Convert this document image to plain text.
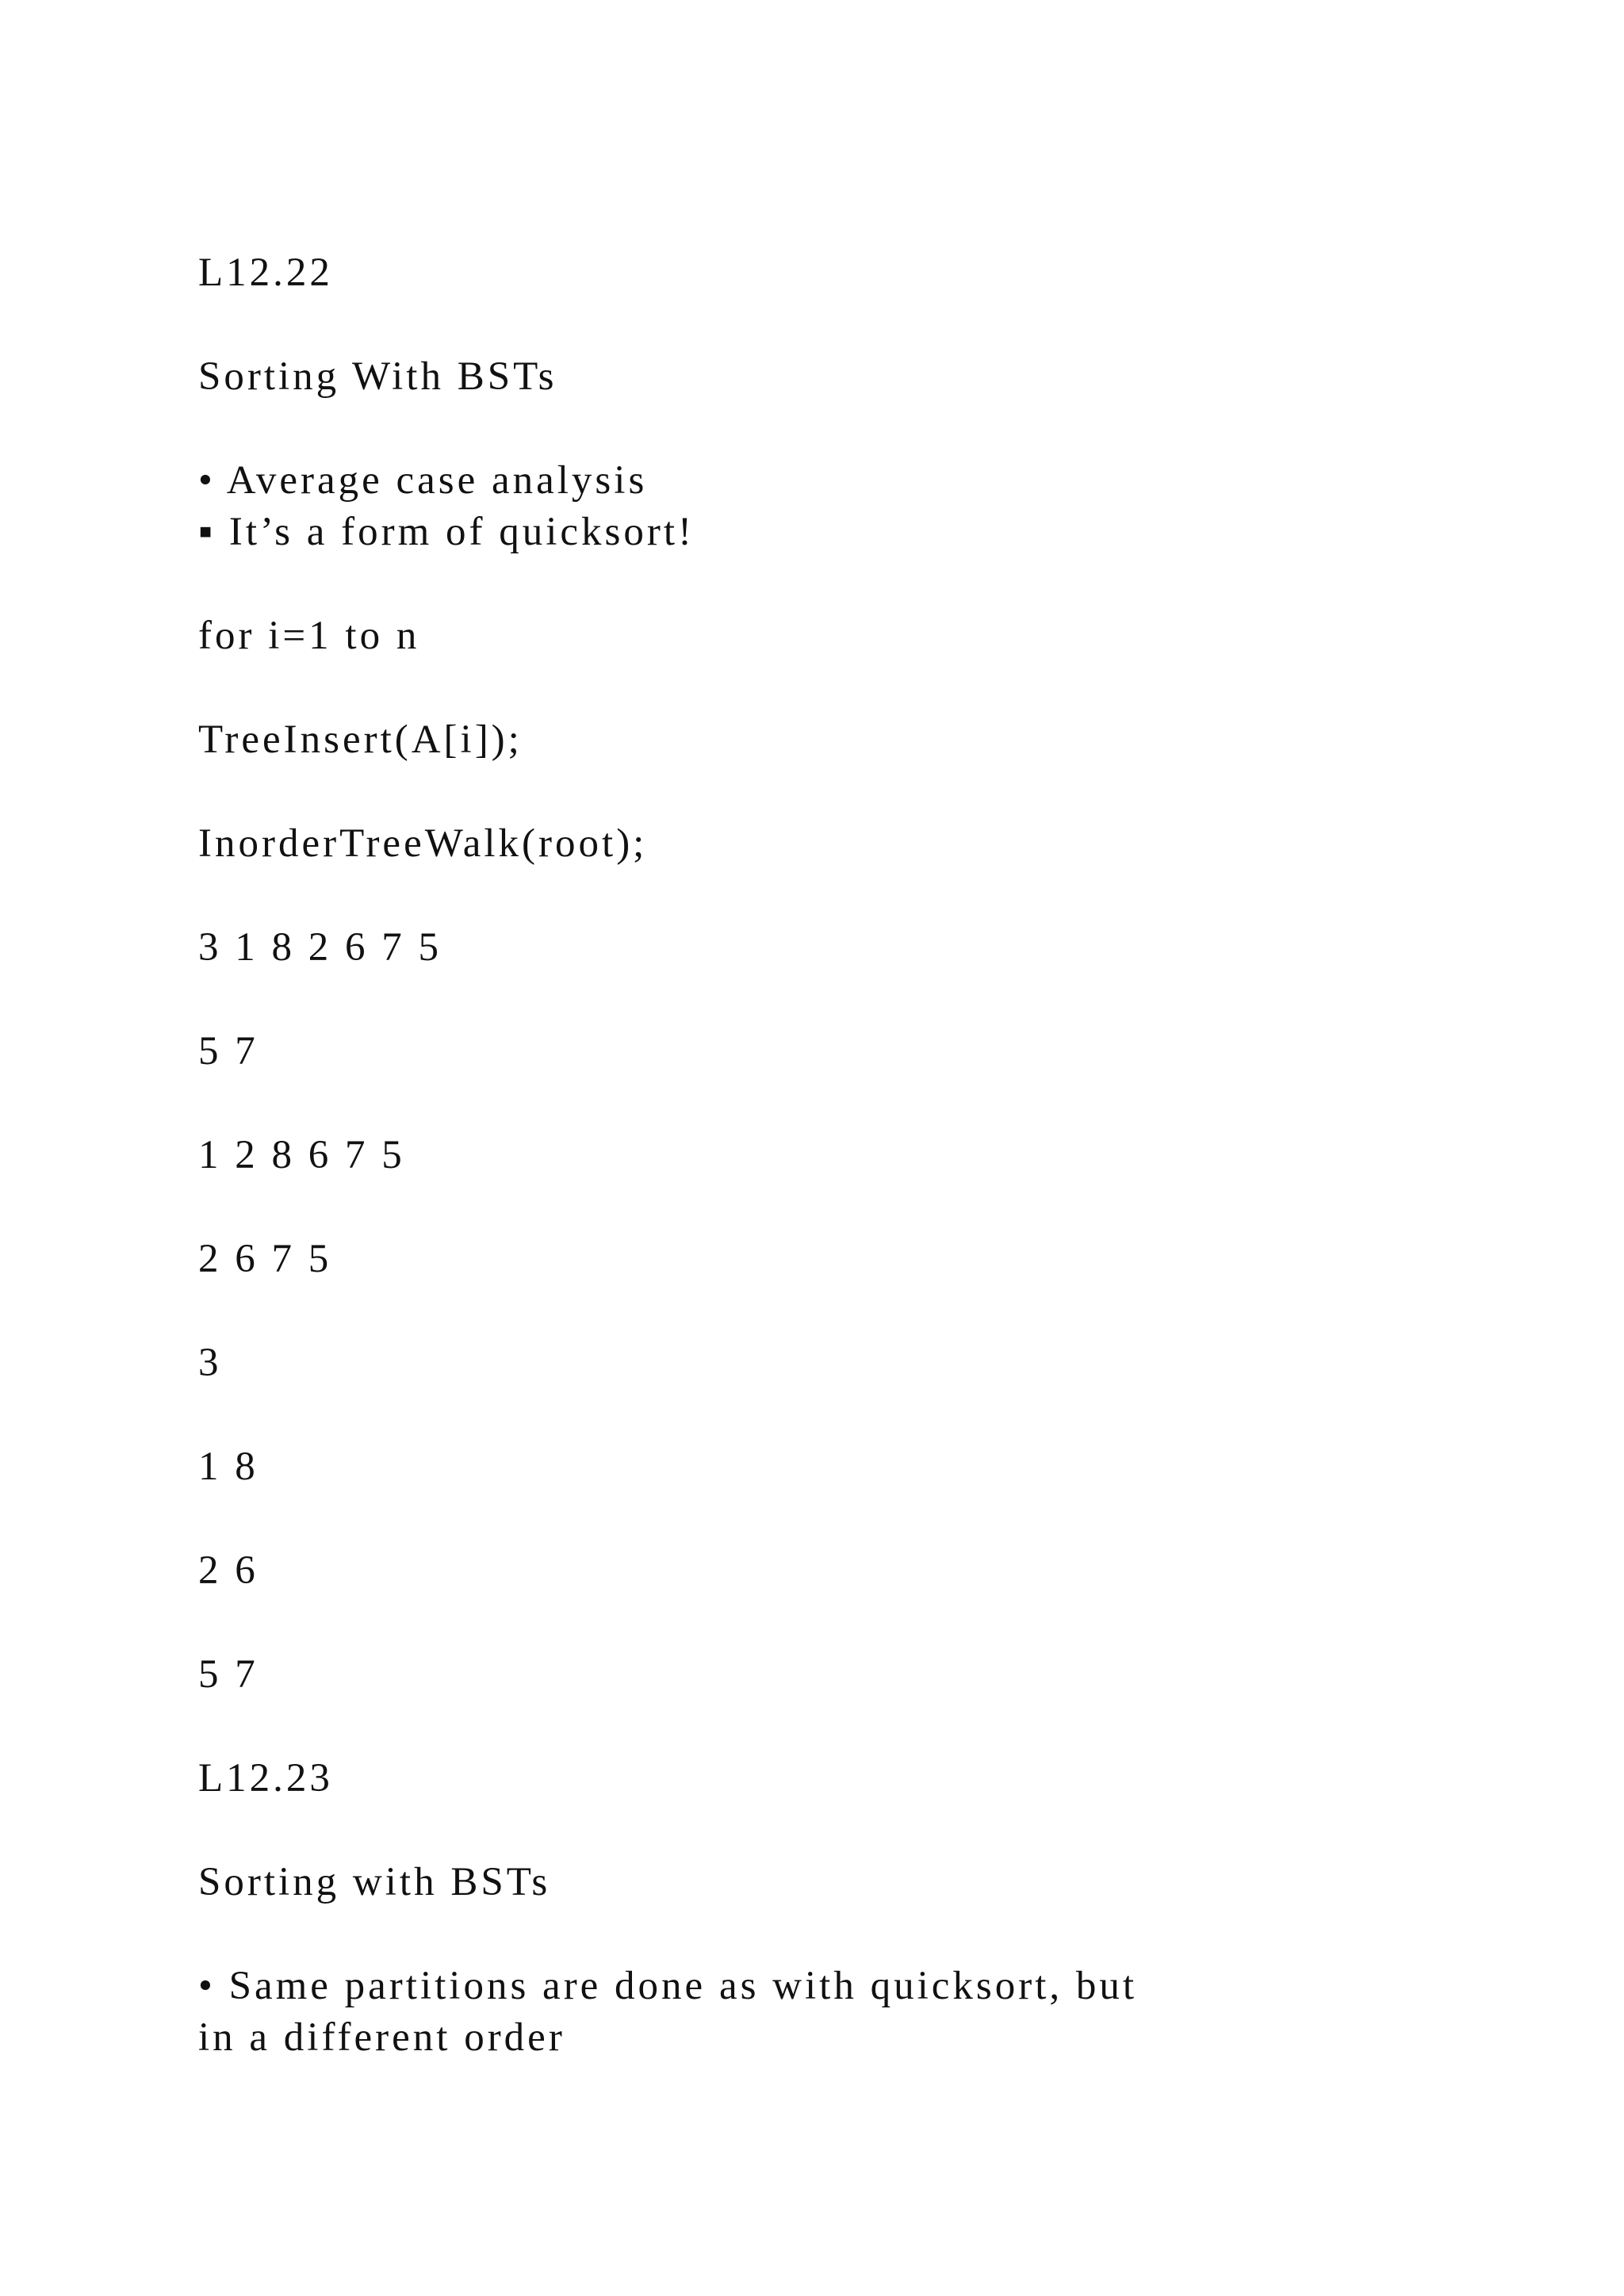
L12.22

Sorting With BSTs

• Average case analysis

▪ It’s a form of quicksort!

for i=1 to n

TreeInsert(A[i]);

InorderTreeWalk(root);

3 1 8 2 6 7 5

5 7

1 2 8 6 7 5

2 6 7 5

3

1 8

2 6

5 7

L12.23

Sorting with BSTs

• Same partitions are done as with quicksort, but

in a different order
